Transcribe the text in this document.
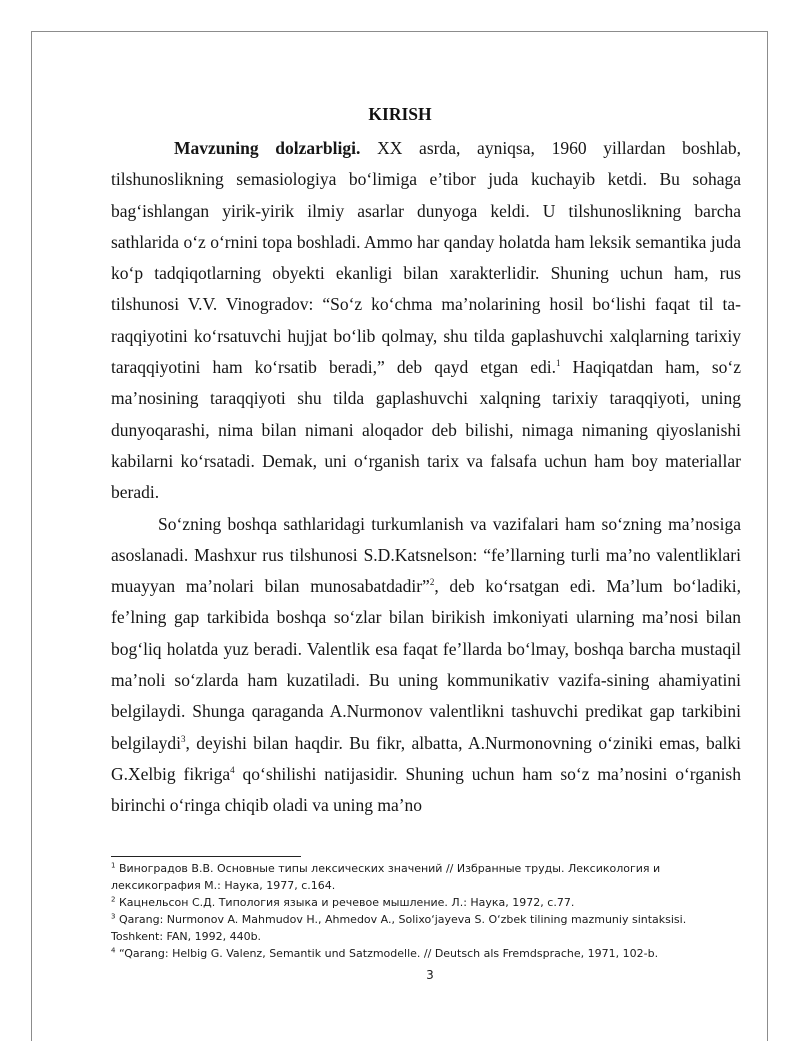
KIRISH

Mavzuning dolzarbligi. XX asrda, ayniqsa, 1960 yillardan boshlab, tilshunoslikning semasiologiya bo‘limiga e’tibor juda kuchayib ketdi. Bu sohaga bag‘ishlangan yirik-yirik ilmiy asarlar dunyoga keldi. U tilshunoslikning barcha sathlarida o‘z o‘rnini topa boshladi. Ammo har qanday holatda ham leksik semantika juda ko‘p tadqiqotlarning obyekti ekanligi bilan xarakterlidir. Shuning uchun ham, rus tilshunosi V.V. Vinogradov: “So‘z ko‘chma ma’nolarining hosil bo‘lishi faqat til ta-raqqiyotini ko‘rsatuvchi hujjat bo‘lib qolmay, shu tilda gaplashuvchi xalqlarning tarixiy taraqqiyotini ham ko‘rsatib beradi,” deb qayd etgan edi.$^1$ Haqiqatdan ham, so‘z ma’nosining taraqqiyoti shu tilda gaplashuvchi xalqning tarixiy taraqqiyoti, uning dunyoqarashi, nima bilan nimani aloqador deb bilishi, nimaga nimaning qiyoslanishi kabilarni ko‘rsatadi. Demak, uni o‘rganish tarix va falsafa uchun ham boy materiallar beradi.

So‘zning boshqa sathlaridagi turkumlanish va vazifalari ham so‘zning ma’nosiga asoslanadi. Mashxur rus tilshunosi S.D.Katsnelson: “fe’llarning turli ma’no valentliklari muayyan ma’nolari bilan munosabatdadir”$^2$, deb ko‘rsatgan edi. Ma’lum bo‘ladiki, fe’lnіng gap tarkibida boshqa so‘zlar bilan birikish imkoniyati ularning ma’nosi bilan bog‘liq holatda yuz beradi. Valentlik esa faqat fe’llarda bo‘lmay, boshqa barcha mustaqil ma’noli so‘zlarda ham kuzatiladi. Bu uning kommunikativ vazifa-sining ahamiyatini belgilaydi. Shunga qaraganda A.Nurmonov valentlikni tashuvchi predikat gap tarkibini belgilaydi$^3$, deyishi bilan haqdir. Bu fikr, albatta, A.Nurmonovning o‘ziniki emas, balki G.Xelbig fikriga$^4$ qo‘shilishi natijasidir. Shuning uchun ham so‘z ma’nosini o‘rganish birinchi o‘ringa chiqib oladi va uning ma’no

$^1$ Виноградов В.В. Основные типы лексических значений // Избранные труды. Лексикология и лексикография М.: Наука, 1977, с.164.

$^2$ Кацнельсон С.Д. Типология языка и речевое мышление. Л.: Наука, 1972, с.77.

$^3$ Qarang: Nurmonov A. Mahmudov H., Ahmedov A., Solixo‘jayeva S. O‘zbek tilining mazmuniy sintaksisi. Toshkent: FAN, 1992, 440b.

$^4$ “Qarang: Helbig G. Valenz, Semantik und Satzmodelle. // Deutsch als Fremdsprache, 1971, 102-b.

3
